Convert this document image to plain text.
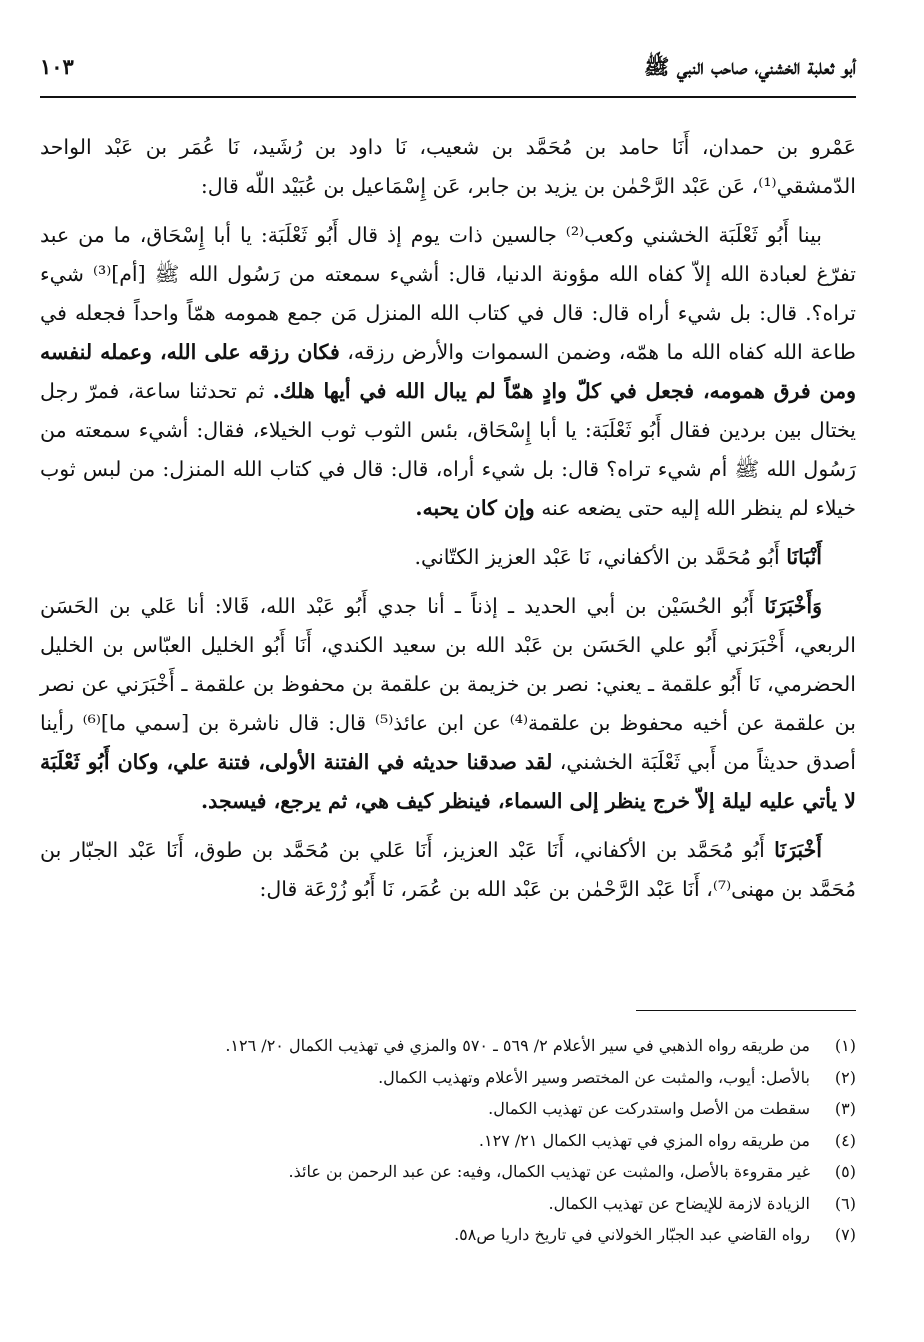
أبو ثعلبة الخشني، صاحب النبي ﷺ
١٠٣

عَمْرو بن حمدان، أَنَا حامد بن مُحَمَّد بن شعيب، نَا داود بن رُشَيد، نَا عُمَر بن عَبْد الواحد الدّمشقي⁽¹⁾، عَن عَبْد الرَّحْمٰن بن يزيد بن جابر، عَن إِسْمَاعيل بن عُبَيْد اللّه قال:

بينا أَبُو ثَعْلَبَة الخشني وكعب⁽²⁾ جالسين ذات يوم إذ قال أَبُو ثَعْلَبَة: يا أبا إِسْحَاق، ما من عبد تفرّغ لعبادة الله إلاّ كفاه الله مؤونة الدنيا، قال: أشيء سمعته من رَسُول الله ﷺ [أم]⁽³⁾ شيء تراه؟. قال: بل شيء أراه قال: قال في كتاب الله المنزل مَن جمع همومه همّاً واحداً فجعله في طاعة الله كفاه الله ما همّه، وضمن السموات والأرض رزقه، فكان رزقه على الله، وعمله لنفسه ومن فرق همومه، فجعل في كلّ وادٍ همّاً لم يبال الله في أيها هلك. ثم تحدثنا ساعة، فمرّ رجل يختال بين بردين فقال أَبُو ثَعْلَبَة: يا أبا إِسْحَاق، بئس الثوب ثوب الخيلاء، فقال: أشيء سمعته من رَسُول الله ﷺ أم شيء تراه؟ قال: بل شيء أراه، قال: قال في كتاب الله المنزل: من لبس ثوب خيلاء لم ينظر الله إليه حتى يضعه عنه وإن كان يحبه.

أَنْبَانَا أَبُو مُحَمَّد بن الأكفاني، نَا عَبْد العزيز الكتّاني.

وَأَخْبَرَنَا أَبُو الحُسَيْن بن أبي الحديد ـ إذناً ـ أنا جدي أَبُو عَبْد الله، قَالا: أنا عَلي بن الحَسَن الربعي، أَخْبَرَني أَبُو علي الحَسَن بن عَبْد الله بن سعيد الكندي، أَنَا أَبُو الخليل العبّاس بن الخليل الحضرمي، نَا أَبُو علقمة ـ يعني: نصر بن خزيمة بن علقمة بن محفوظ بن علقمة ـ أَخْبَرَني عن نصر بن علقمة عن أخيه محفوظ بن علقمة⁽⁴⁾ عن ابن عائذ⁽⁵⁾ قال: قال ناشرة بن [سمي ما]⁽⁶⁾ رأينا أصدق حديثاً من أَبي ثَعْلَبَة الخشني، لقد صدقنا حديثه في الفتنة الأولى، فتنة علي، وكان أَبُو ثَعْلَبَة لا يأتي عليه ليلة إلاّ خرج ينظر إلى السماء، فينظر كيف هي، ثم يرجع، فيسجد.

أَخْبَرَنَا أَبُو مُحَمَّد بن الأكفاني، أَنَا عَبْد العزيز، أَنَا عَلي بن مُحَمَّد بن طوق، أَنَا عَبْد الجبّار بن مُحَمَّد بن مهنى⁽⁷⁾، أَنَا عَبْد الرَّحْمٰن بن عَبْد الله بن عُمَر، نَا أَبُو زُرْعَة قال:

(١)من طريقه رواه الذهبي في سير الأعلام ٢/ ٥٦٩ ـ ٥٧٠ والمزي في تهذيب الكمال ٢٠/ ١٢٦.
(٢)بالأصل: أيوب، والمثبت عن المختصر وسير الأعلام وتهذيب الكمال.
(٣)سقطت من الأصل واستدركت عن تهذيب الكمال.
(٤)من طريقه رواه المزي في تهذيب الكمال ٢١/ ١٢٧.
(٥)غير مقروءة بالأصل، والمثبت عن تهذيب الكمال، وفيه: عن عبد الرحمن بن عائذ.
(٦)الزيادة لازمة للإيضاح عن تهذيب الكمال.
(٧)رواه القاضي عبد الجبّار الخولاني في تاريخ داريا ص٥٨.
